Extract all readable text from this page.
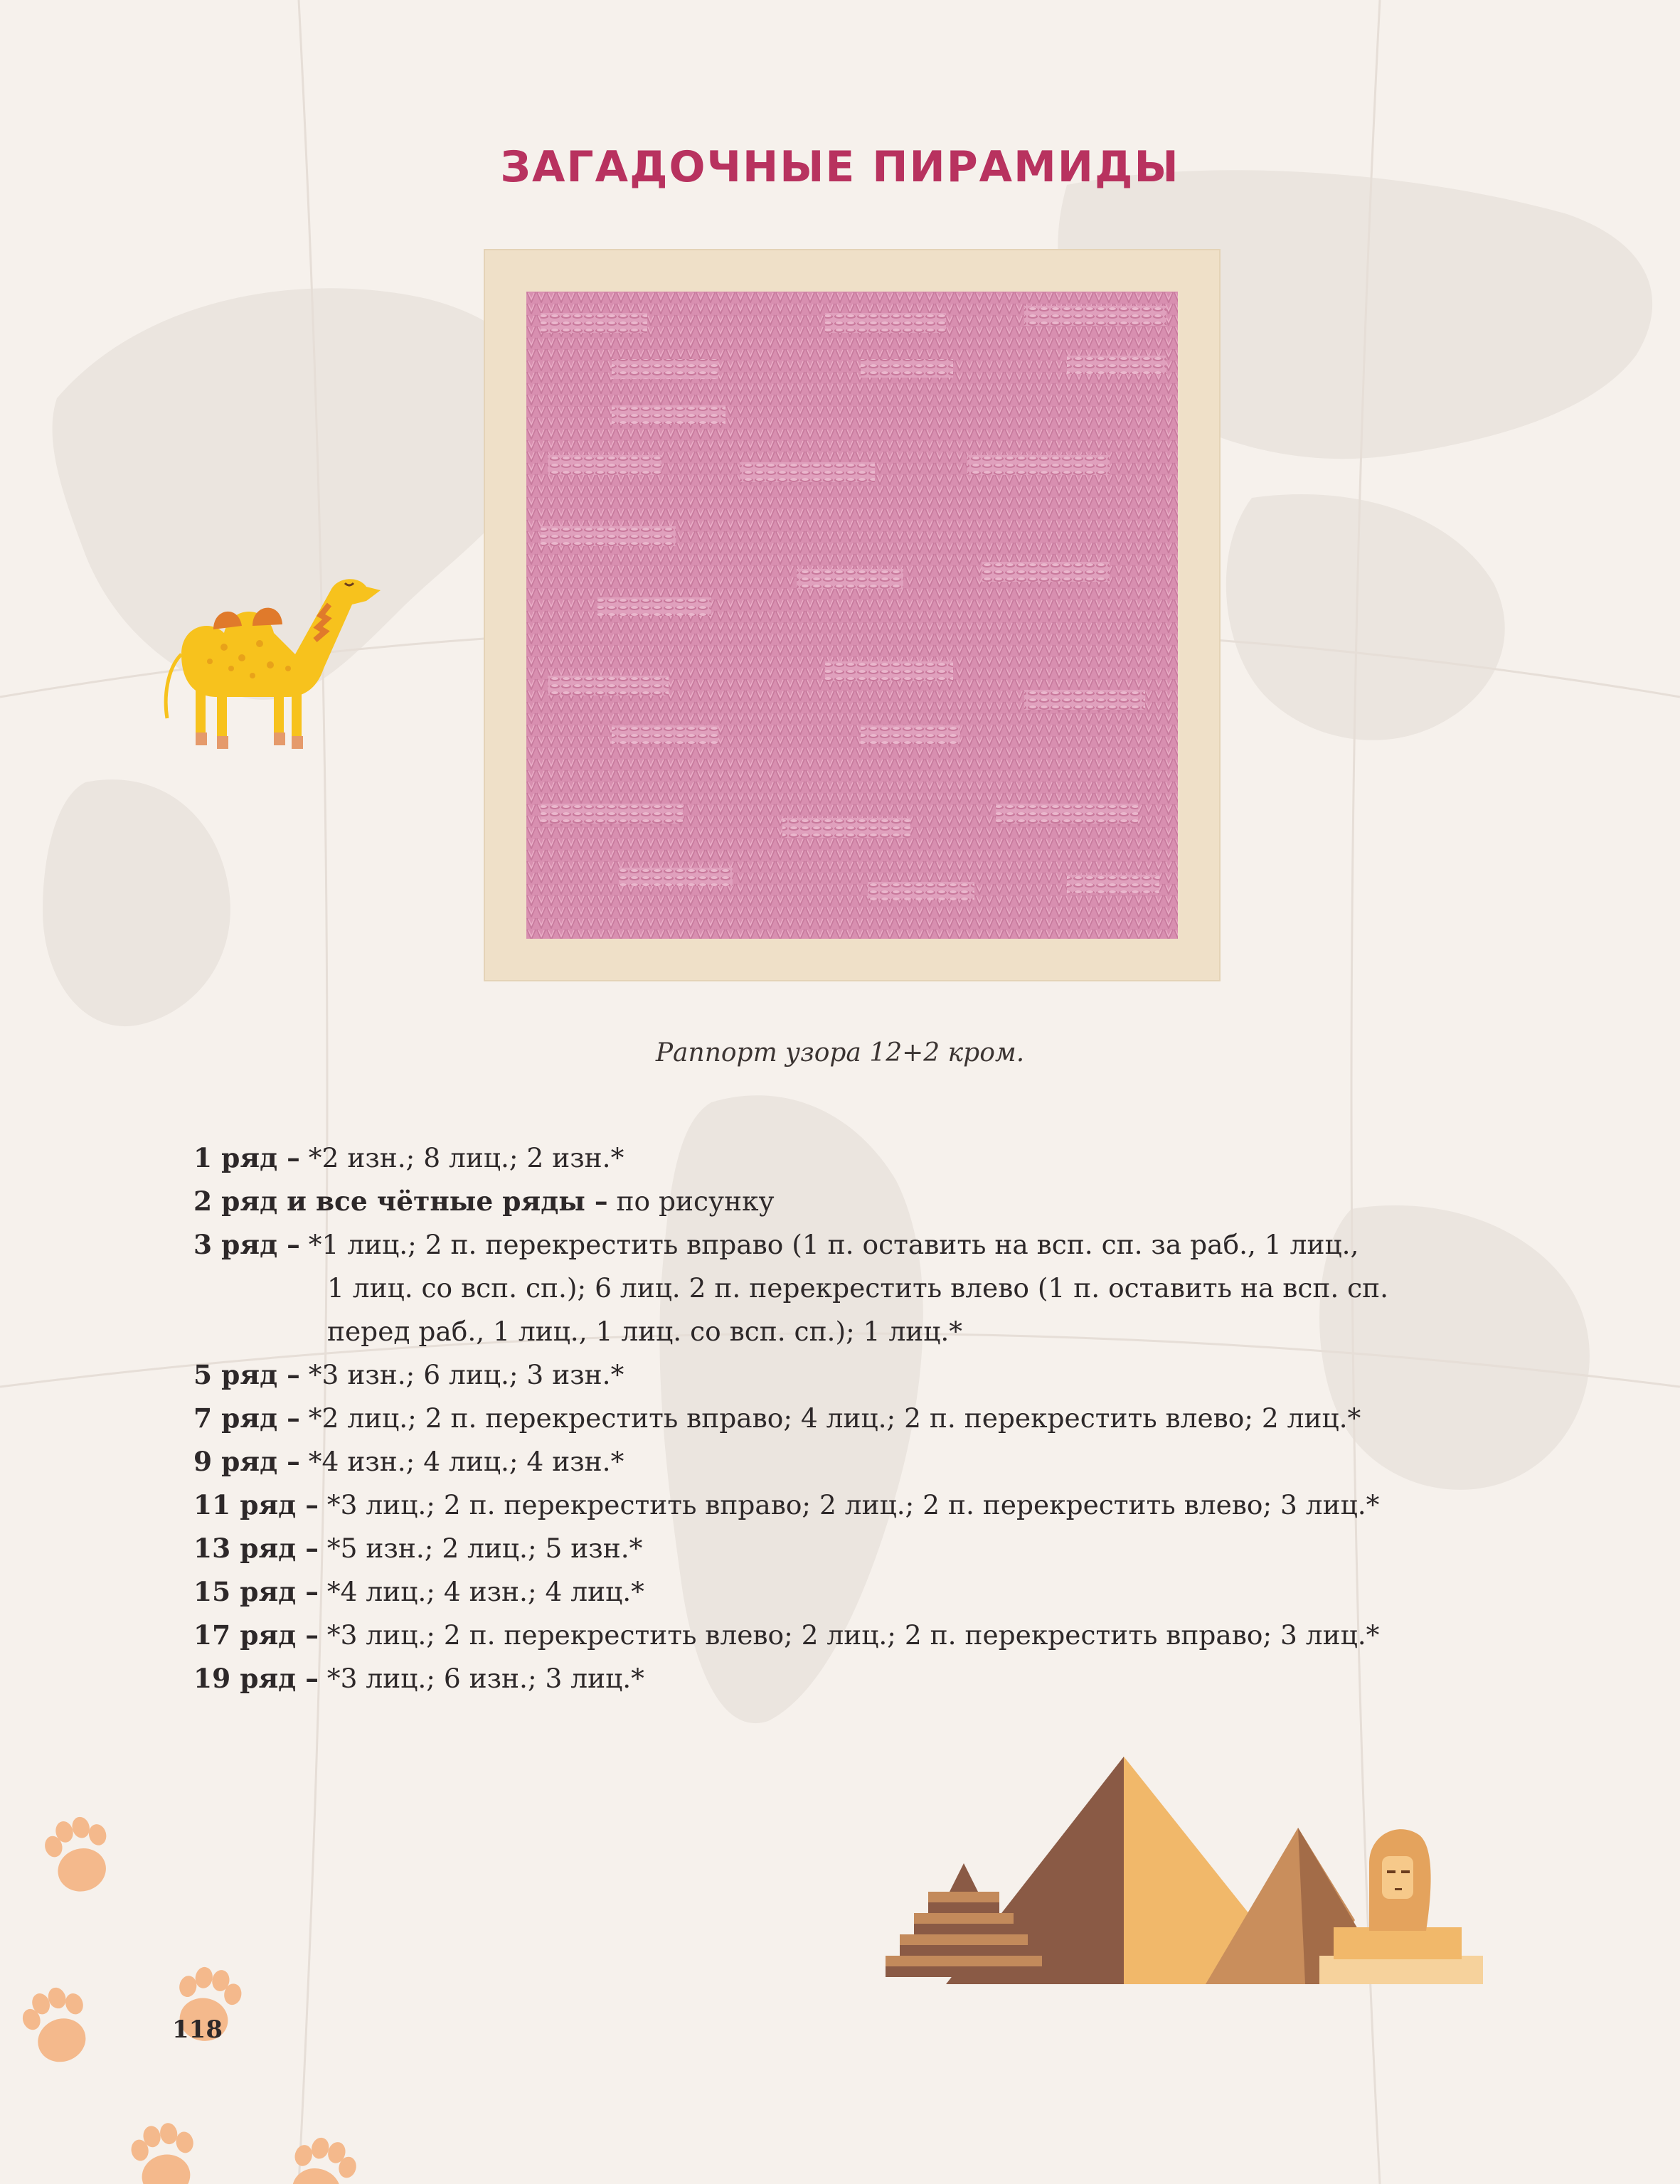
ЗАГАДОЧНЫЕ ПИРАМИДЫ
Раппорт узора 12+2 кром.
1 ряд – *2 изн.; 8 лиц.; 2 изн.*
2 ряд и все чётные ряды – по рисунку
3 ряд – *1 лиц.; 2 п. перекрестить вправо (1 п. оставить на всп. сп. за раб., 1 лиц.,
1 лиц. со всп. сп.); 6 лиц. 2 п. перекрестить влево (1 п. оставить на всп. сп.
перед раб., 1 лиц., 1 лиц. со всп. сп.); 1 лиц.*
5 ряд – *3 изн.; 6 лиц.; 3 изн.*
7 ряд – *2 лиц.; 2 п. перекрестить вправо; 4 лиц.; 2 п. перекрестить влево; 2 лиц.*
9 ряд – *4 изн.; 4 лиц.; 4 изн.*
11 ряд – *3 лиц.; 2 п. перекрестить вправо; 2 лиц.; 2 п. перекрестить влево; 3 лиц.*
13 ряд – *5 изн.; 2 лиц.; 5 изн.*
15 ряд – *4 лиц.; 4 изн.; 4 лиц.*
17 ряд – *3 лиц.; 2 п. перекрестить влево; 2 лиц.; 2 п. перекрестить вправо; 3 лиц.*
19 ряд – *3 лиц.; 6 изн.; 3 лиц.*
118
